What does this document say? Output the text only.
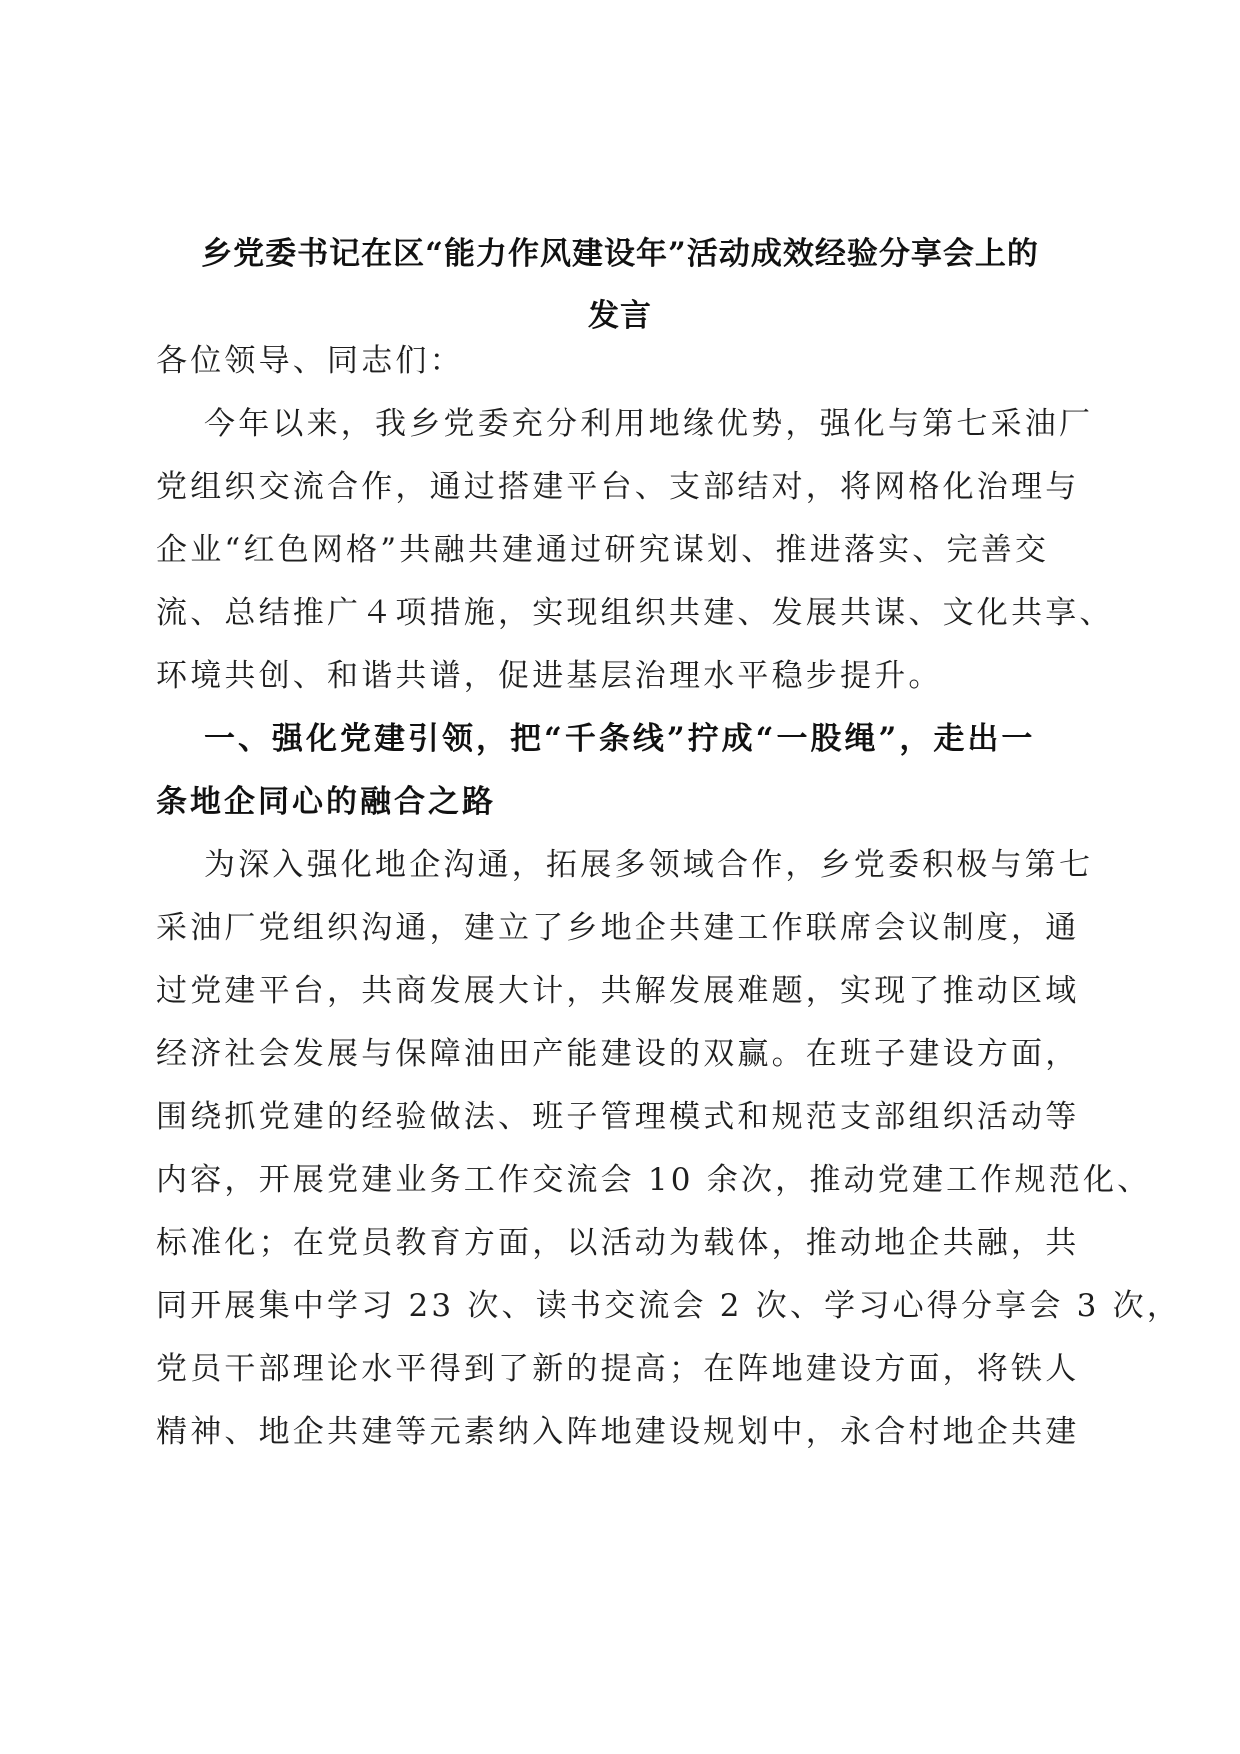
乡党委书记在区“能力作风建设年”活动成效经验分享会上的
发言
各位领导、同志们：
今年以来，我乡党委充分利用地缘优势，强化与第七采油厂
党组织交流合作，通过搭建平台、支部结对，将网格化治理与
企业“红色网格”共融共建通过研究谋划、推进落实、完善交
流、总结推广４项措施，实现组织共建、发展共谋、文化共享、
环境共创、和谐共谱，促进基层治理水平稳步提升。
一、强化党建引领，把“千条线”拧成“一股绳”，走出一
条地企同心的融合之路
为深入强化地企沟通，拓展多领域合作，乡党委积极与第七
采油厂党组织沟通，建立了乡地企共建工作联席会议制度，通
过党建平台，共商发展大计，共解发展难题，实现了推动区域
经济社会发展与保障油田产能建设的双赢。在班子建设方面，
围绕抓党建的经验做法、班子管理模式和规范支部组织活动等
内容，开展党建业务工作交流会 10 余次，推动党建工作规范化、
标准化；在党员教育方面，以活动为载体，推动地企共融，共
同开展集中学习 23 次、读书交流会 2 次、学习心得分享会 3 次，
党员干部理论水平得到了新的提高；在阵地建设方面，将铁人
精神、地企共建等元素纳入阵地建设规划中，永合村地企共建
